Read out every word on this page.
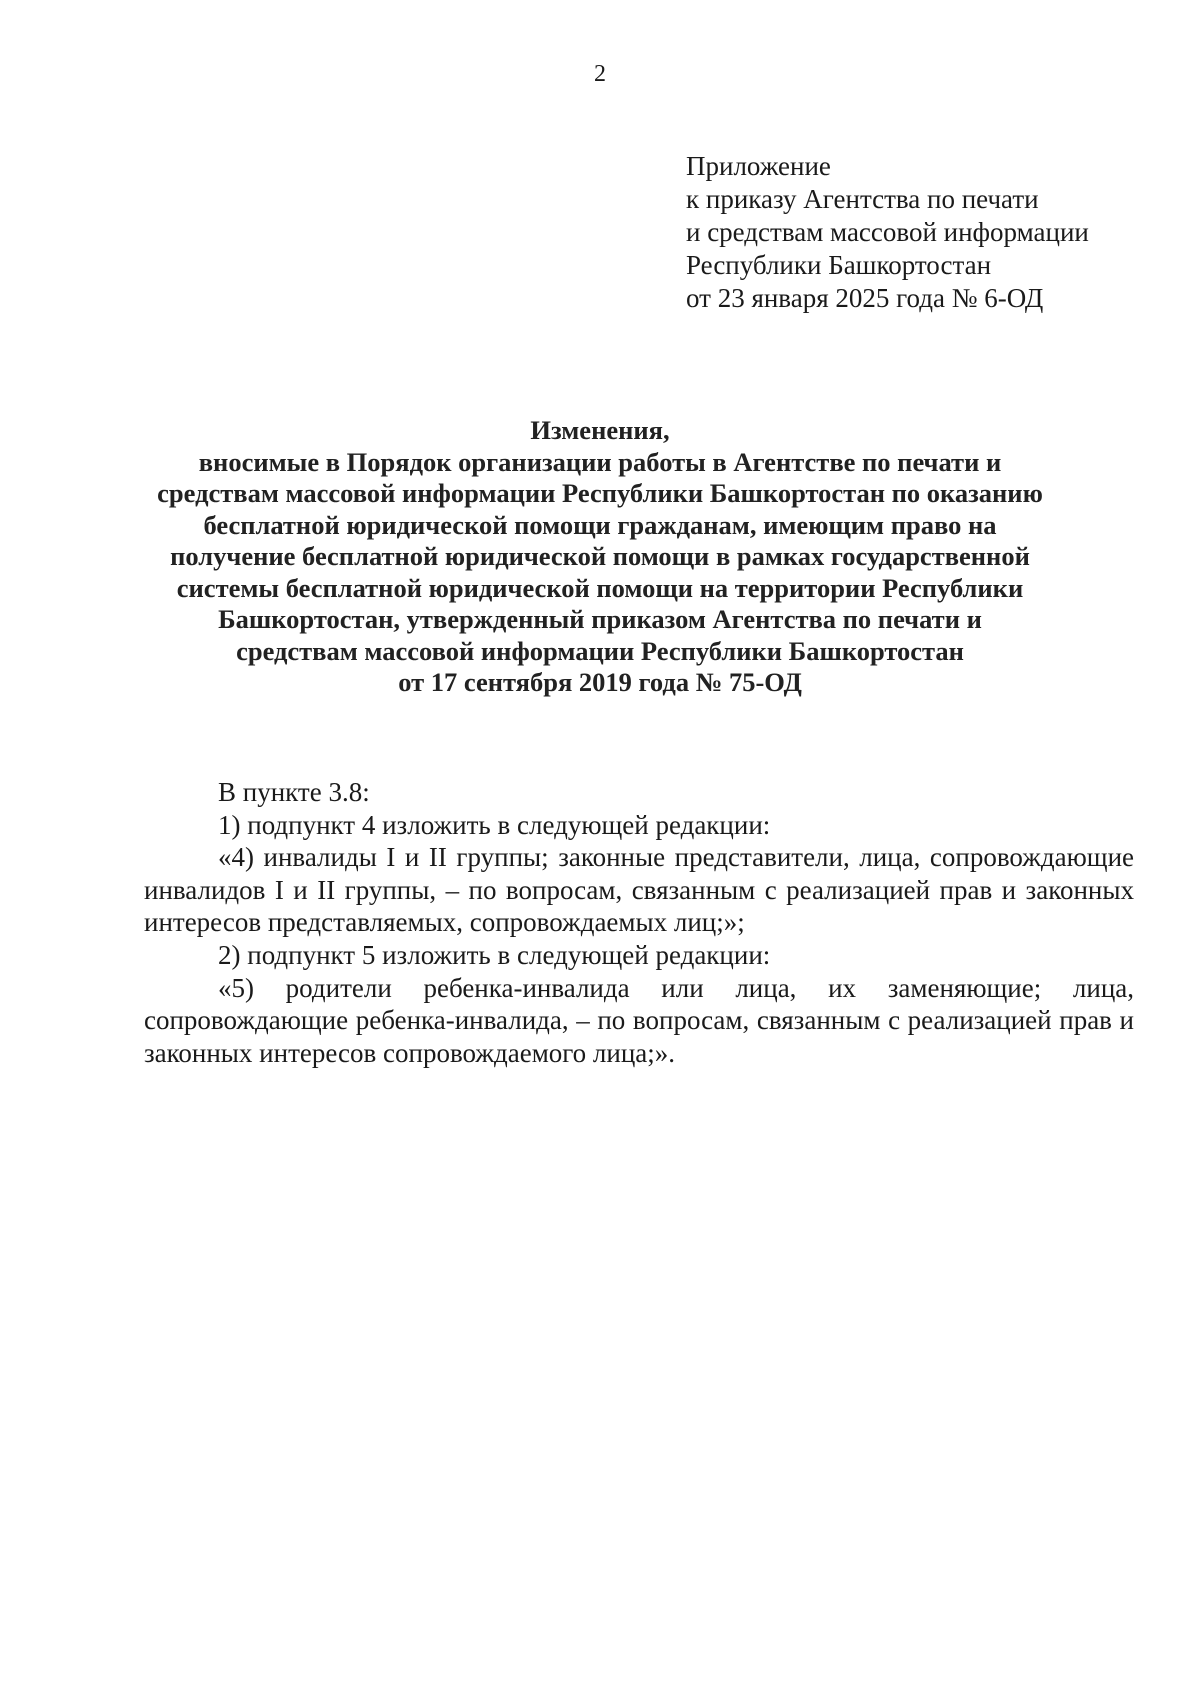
2
Приложение
к приказу Агентства по печати
и средствам массовой информации
Республики Башкортостан
от 23 января 2025 года № 6-ОД
Изменения,
вносимые в Порядок организации работы в Агентстве по печати и
средствам массовой информации Республики Башкортостан по оказанию
бесплатной юридической помощи гражданам, имеющим право на
получение бесплатной юридической помощи в рамках государственной
системы бесплатной юридической помощи на территории Республики
Башкортостан, утвержденный приказом Агентства по печати и
средствам массовой информации Республики Башкортостан
от 17 сентября 2019 года № 75-ОД

В пункте 3.8:

1) подпункт 4 изложить в следующей редакции:

«4) инвалиды I и II группы; законные представители, лица, сопровождающие инвалидов I и II группы, – по вопросам, связанным с реализацией прав и законных интересов представляемых, сопровождаемых лиц;»;

2) подпункт 5 изложить в следующей редакции:

«5) родители ребенка-инвалида или лица, их заменяющие; лица, сопровождающие ребенка-инвалида, – по вопросам, связанным с реализацией прав и законных интересов сопровождаемого лица;».
